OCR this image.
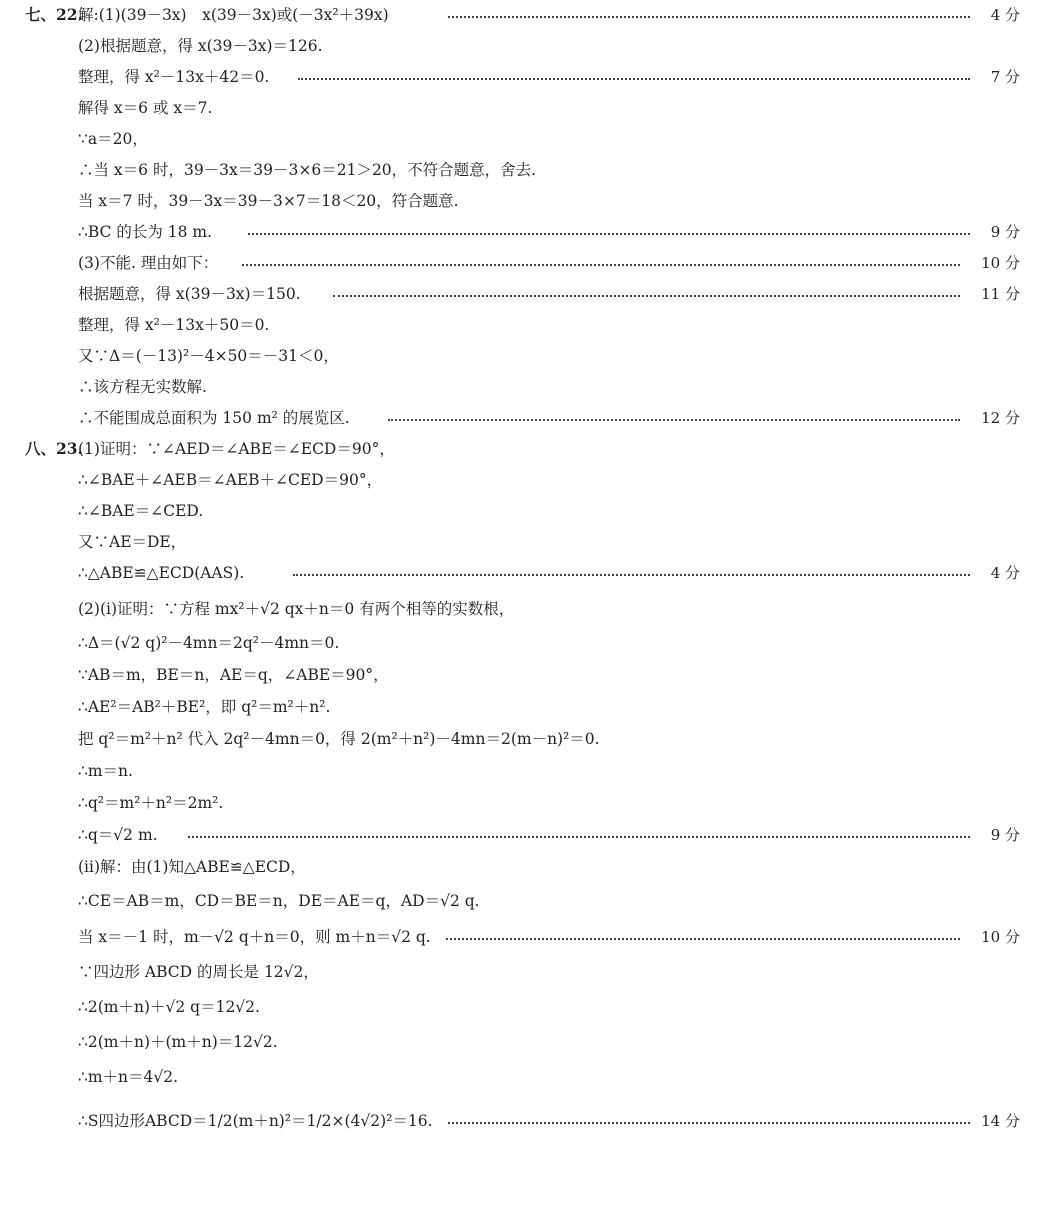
七、22.
解:(1)(39－3x)　x(39－3x)或(－3x²＋39x)	4 分
(2)根据题意，得 x(39－3x)＝126.
整理，得 x²－13x＋42＝0.	7 分
解得 x＝6 或 x＝7.
∵a＝20，
∴当 x＝6 时，39－3x＝39－3×6＝21＞20，不符合题意，舍去.
当 x＝7 时，39－3x＝39－3×7＝18＜20，符合题意.
∴BC 的长为 18 m.	9 分
(3)不能. 理由如下：	10 分
根据题意，得 x(39－3x)＝150.	11 分
整理，得 x²－13x＋50＝0.
又∵Δ＝(－13)²－4×50＝－31＜0，
∴该方程无实数解.
∴不能围成总面积为 150 m² 的展览区.	12 分
八、23.
(1)证明：∵∠AED＝∠ABE＝∠ECD＝90°，
∴∠BAE＋∠AEB＝∠AEB＋∠CED＝90°，
∴∠BAE＝∠CED.
又∵AE＝DE，
∴△ABE≌△ECD(AAS).	4 分
(2)(ⅰ)证明：∵方程 mx²＋√2 qx＋n＝0 有两个相等的实数根，
∴Δ＝(√2 q)²－4mn＝2q²－4mn＝0.
∵AB＝m，BE＝n，AE＝q，∠ABE＝90°，
∴AE²＝AB²＋BE²，即 q²＝m²＋n².
把 q²＝m²＋n² 代入 2q²－4mn＝0，得 2(m²＋n²)－4mn＝2(m－n)²＝0.
∴m＝n.
∴q²＝m²＋n²＝2m².
∴q＝√2 m.	9 分
(ⅱ)解：由(1)知△ABE≌△ECD，
∴CE＝AB＝m，CD＝BE＝n，DE＝AE＝q，AD＝√2 q.
当 x＝－1 时，m－√2 q＋n＝0，则 m＋n＝√2 q.	10 分
∵四边形 ABCD 的周长是 12√2，
∴2(m＋n)＋√2 q＝12√2.
∴2(m＋n)＋(m＋n)＝12√2.
∴m＋n＝4√2.
∴S四边形ABCD＝1/2(m＋n)²＝1/2×(4√2)²＝16.	14 分
